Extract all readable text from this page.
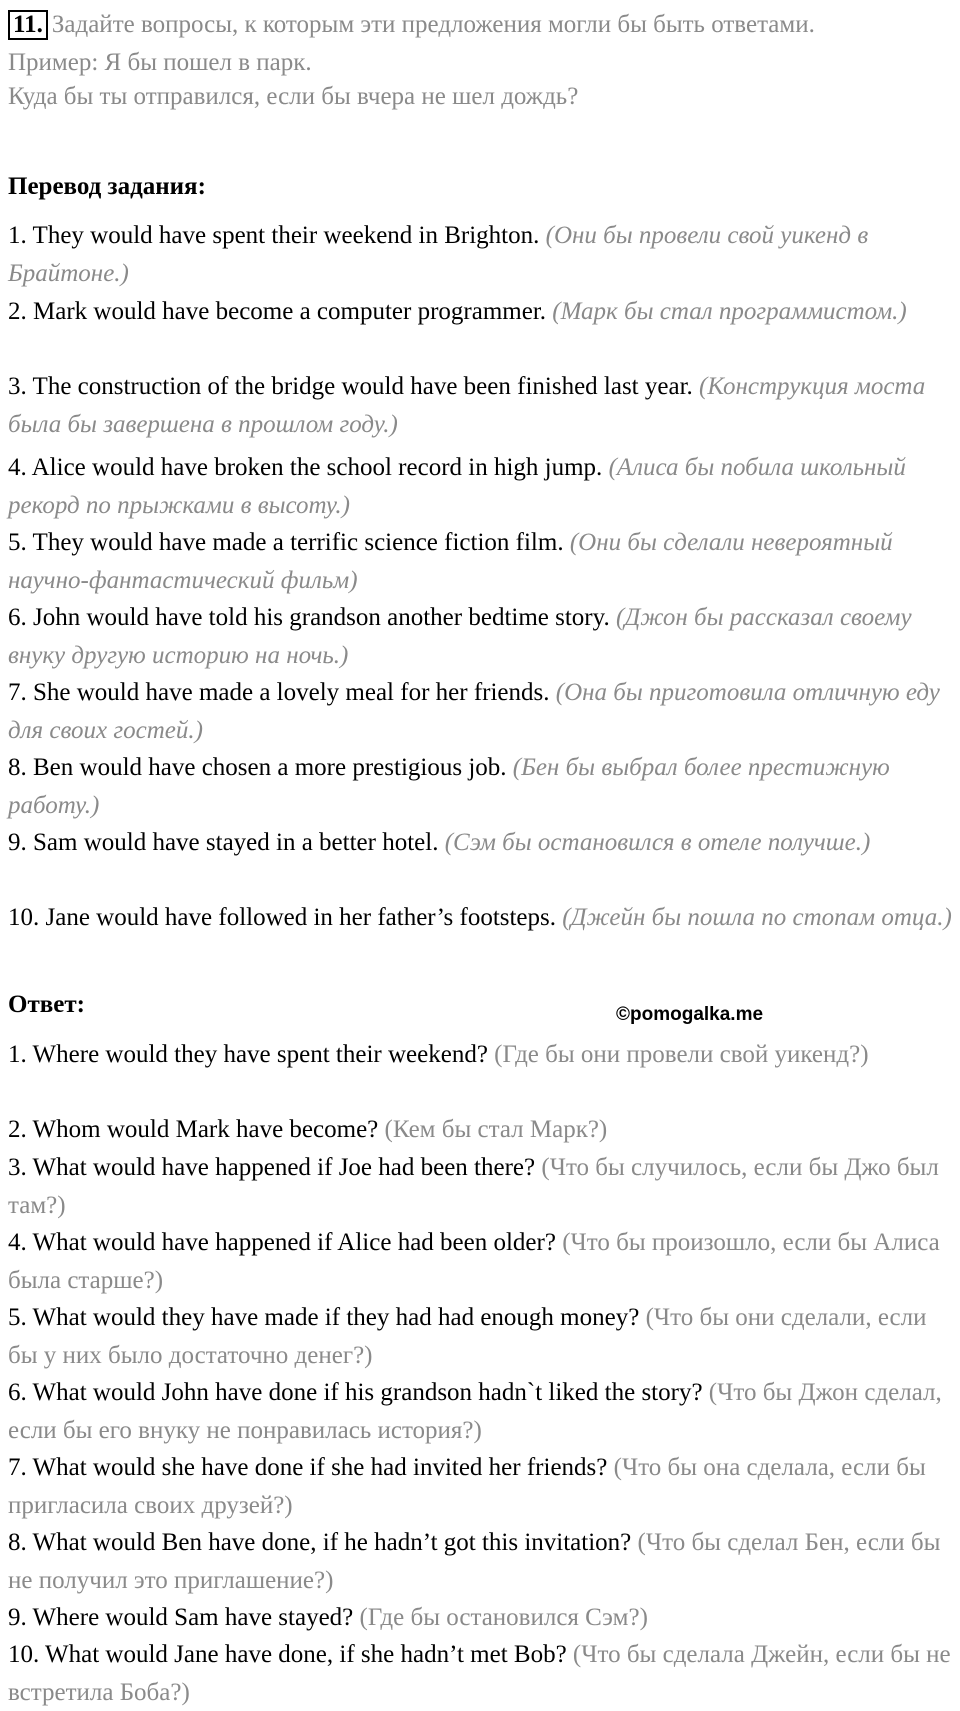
11. Задайте вопросы, к которым эти предложения могли бы быть ответами.
Пример: Я бы пошел в парк.
Куда бы ты отправился, если бы вчера не шел дождь?
Перевод задания:
1. They would have spent their weekend in Brighton. (Они бы провели свой уикенд в Брайтоне.)
2. Mark would have become a computer programmer. (Марк бы стал программистом.)
3. The construction of the bridge would have been finished last year. (Конструкция моста была бы завершена в прошлом году.)
4. Alice would have broken the school record in high jump. (Алиса бы побила школьный рекорд по прыжками в высоту.)
5. They would have made a terrific science fiction film. (Они бы сделали невероятный научно-фантастический фильм)
6. John would have told his grandson another bedtime story. (Джон бы рассказал своему внуку другую историю на ночь.)
7. She would have made a lovely meal for her friends. (Она бы приготовила отличную еду для своих гостей.)
8. Ben would have chosen a more prestigious job. (Бен бы выбрал более престижную работу.)
9. Sam would have stayed in a better hotel. (Сэм бы остановился в отеле получше.)
10. Jane would have followed in her father’s footsteps. (Джейн бы пошла по стопам отца.)
Ответ:
1. Where would they have spent their weekend? (Где бы они провели свой уикенд?)
2. Whom would Mark have become? (Кем бы стал Марк?)
3. What would have happened if Joe had been there? (Что бы случилось, если бы Джо был там?)
4. What would have happened if Alice had been older? (Что бы произошло, если бы Алиса была старше?)
5. What would they have made if they had had enough money? (Что бы они сделали, если бы у них было достаточно денег?)
6. What would John have done if his grandson hadn`t liked the story? (Что бы Джон сделал, если бы его внуку не понравилась история?)
7. What would she have done if she had invited her friends? (Что бы она сделала, если бы пригласила своих друзей?)
8. What would Ben have done, if he hadn’t got this invitation? (Что бы сделал Бен, если бы не получил это приглашение?)
9. Where would Sam have stayed? (Где бы остановился Сэм?)
10. What would Jane have done, if she hadn’t met Bob? (Что бы сделала Джейн, если бы не встретила Боба?)
©pomogalka.me
